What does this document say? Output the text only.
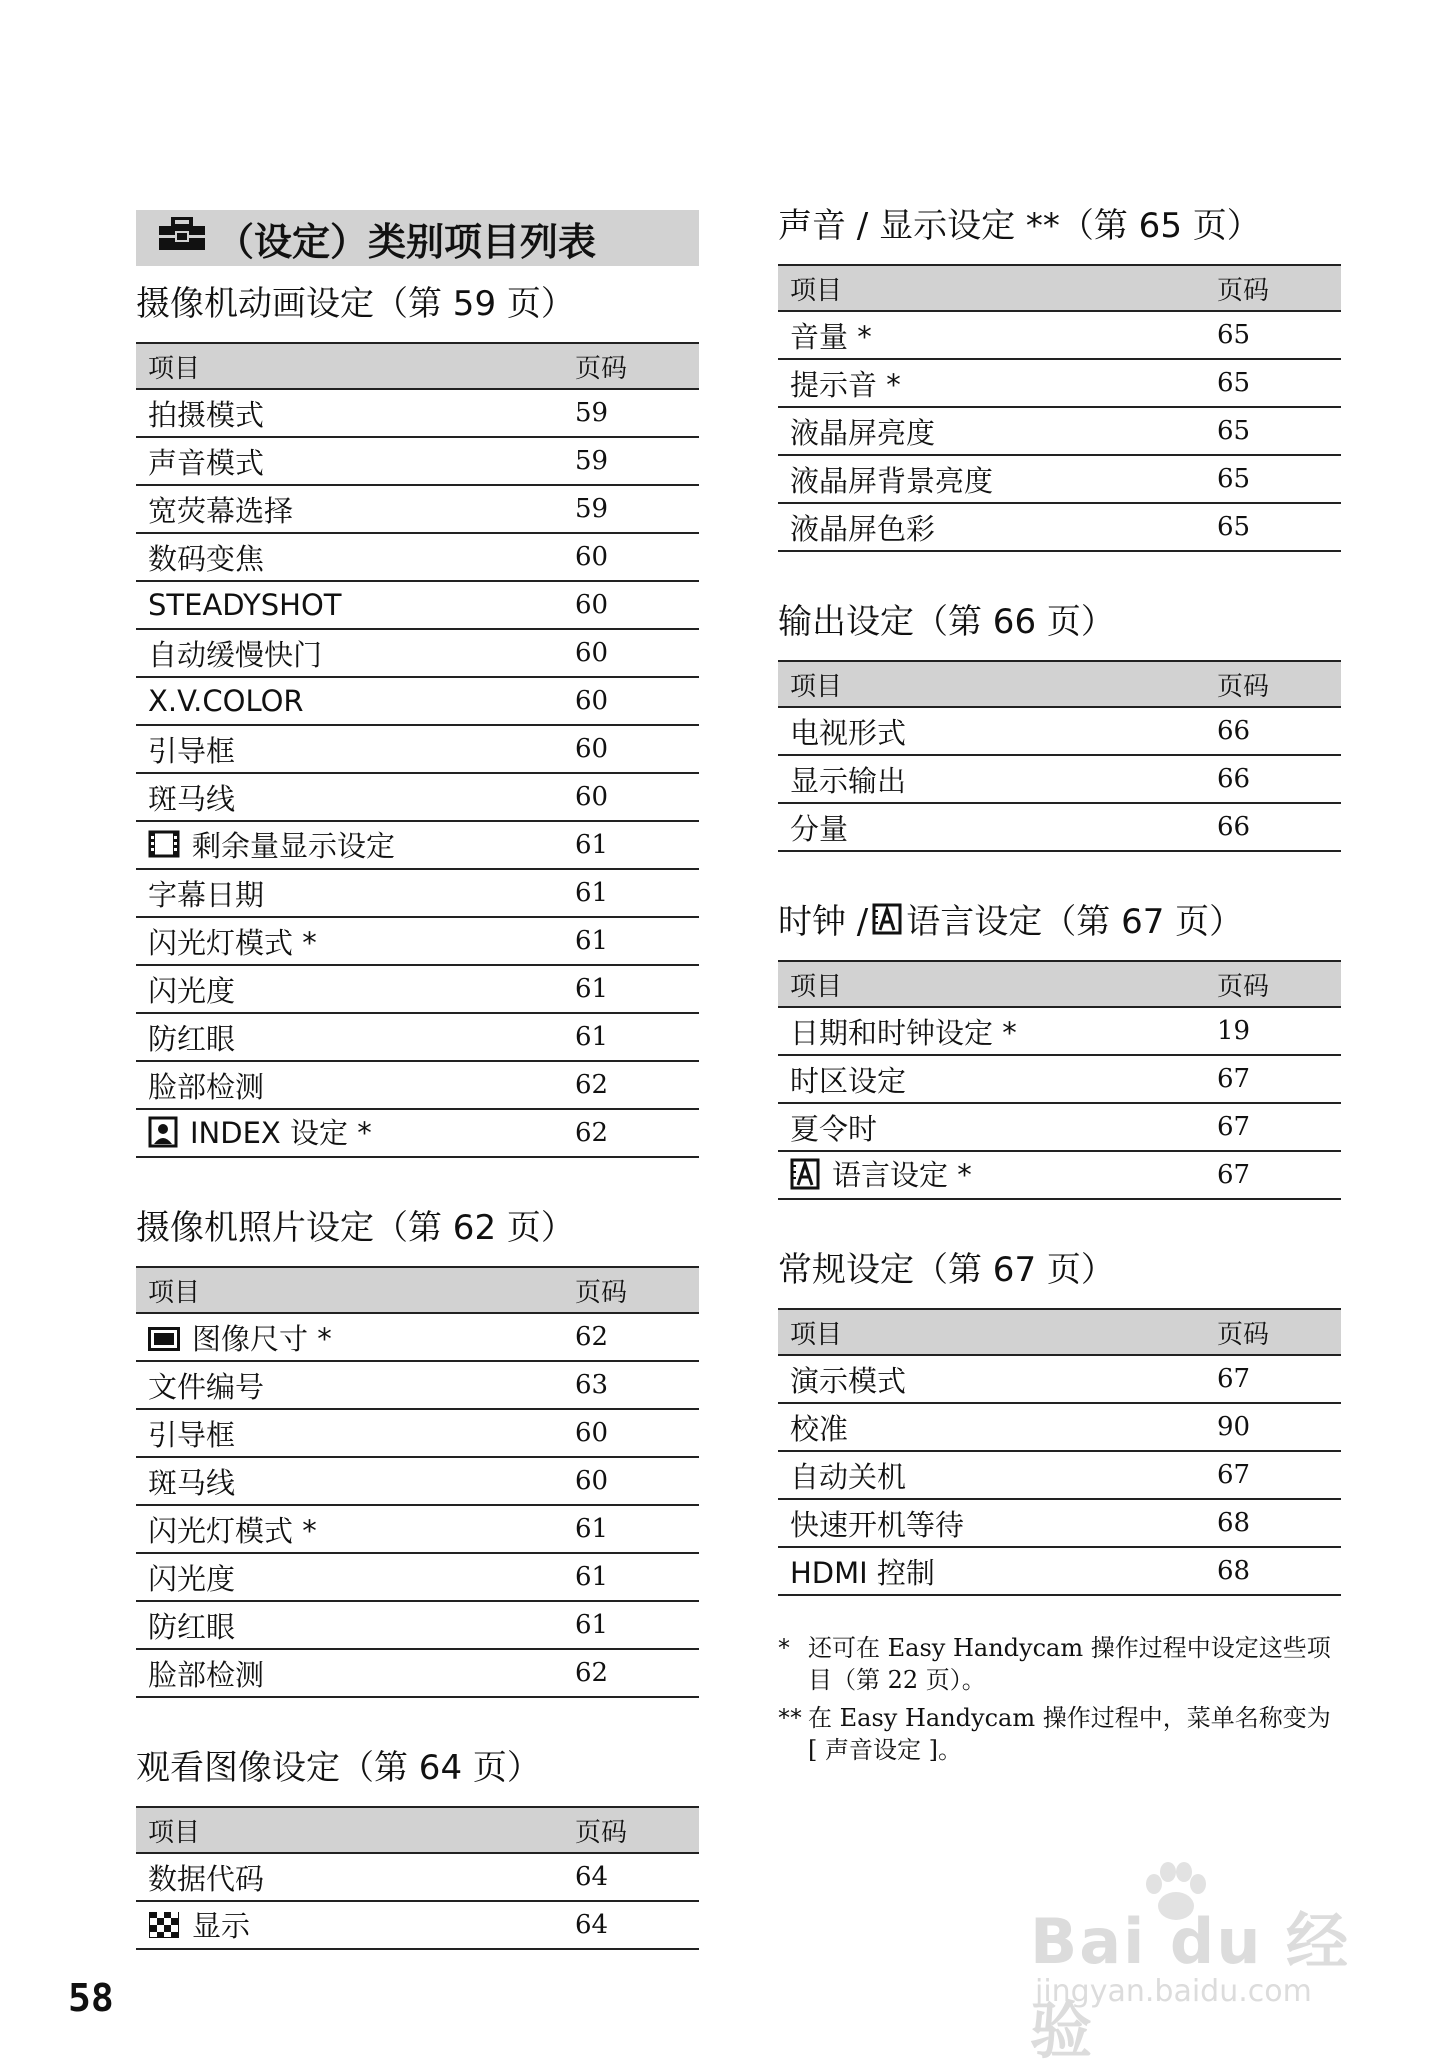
（设定）类别项目列表
摄像机动画设定（第 59 页）
项目	页码
拍摄模式	59
声音模式	59
宽荧幕选择	59
数码变焦	60
STEADYSHOT	60
自动缓慢快门	60
X.V.COLOR	60
引导框	60
斑马线	60
剩余量显示设定	61
字幕日期	61
闪光灯模式 *	61
闪光度	61
防红眼	61
脸部检测	62
INDEX 设定 *	62
摄像机照片设定（第 62 页）
项目	页码
图像尺寸 *	62
文件编号	63
引导框	60
斑马线	60
闪光灯模式 *	61
闪光度	61
防红眼	61
脸部检测	62
观看图像设定（第 64 页）
项目	页码
数据代码	64
显示	64
声音 / 显示设定 **（第 65 页）
项目	页码
音量 *	65
提示音 *	65
液晶屏亮度	65
液晶屏背景亮度	65
液晶屏色彩	65
输出设定（第 66 页）
项目	页码
电视形式	66
显示输出	66
分量	66
时钟 / 语言设定（第 67 页）
项目	页码
日期和时钟设定 *	19
时区设定	67
夏令时	67
语言设定 *	67
常规设定（第 67 页）
项目	页码
演示模式	67
校准	90
自动关机	67
快速开机等待	68
HDMI 控制	68
* 还可在 Easy Handycam 操作过程中设定这些项目（第 22 页）。
** 在 Easy Handycam 操作过程中，菜单名称变为 [ 声音设定 ]。
58
Bai du 经验
jingyan.baidu.com
